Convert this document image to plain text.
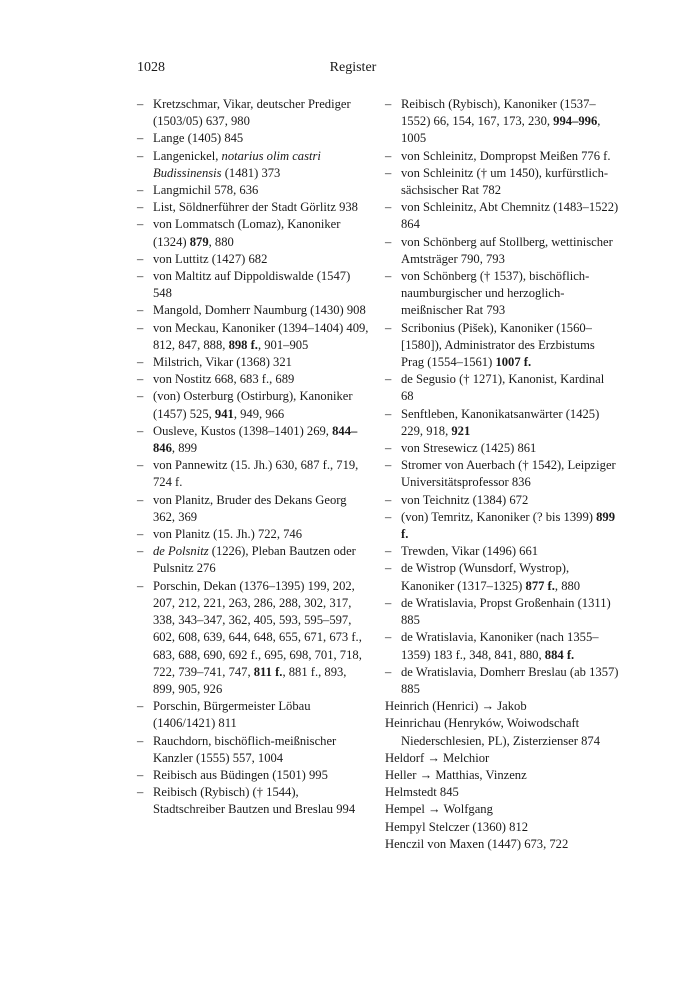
1028	Register

– Kretzschmar, Vikar, deutscher Prediger (1503/05) 637, 980

– Lange (1405) 845

– Langenickel, notarius olim castri Budissinensis (1481) 373

– Langmichil 578, 636

– List, Söldnerführer der Stadt Görlitz 938

– von Lommatsch (Lomaz), Kanoniker (1324) 879, 880

– von Luttitz (1427) 682

– von Maltitz auf Dippoldiswalde (1547) 548

– Mangold, Domherr Naumburg (1430) 908

– von Meckau, Kanoniker (1394–1404) 409, 812, 847, 888, 898 f., 901–905

– Milstrich, Vikar (1368) 321

– von Nostitz 668, 683 f., 689

– (von) Osterburg (Ostirburg), Kanoniker (1457) 525, 941, 949, 966

– Ousleve, Kustos (1398–1401) 269, 844–846, 899

– von Pannewitz (15. Jh.) 630, 687 f., 719, 724 f.

– von Planitz, Bruder des Dekans Georg 362, 369

– von Planitz (15. Jh.) 722, 746

– de Polsnitz (1226), Pleban Bautzen oder Pulsnitz 276

– Porschin, Dekan (1376–1395) 199, 202, 207, 212, 221, 263, 286, 288, 302, 317, 338, 343–347, 362, 405, 593, 595–597, 602, 608, 639, 644, 648, 655, 671, 673 f., 683, 688, 690, 692 f., 695, 698, 701, 718, 722, 739–741, 747, 811 f., 881 f., 893, 899, 905, 926

– Porschin, Bürgermeister Löbau (1406/1421) 811

– Rauchdorn, bischöflich-meißnischer Kanzler (1555) 557, 1004

– Reibisch aus Büdingen (1501) 995

– Reibisch (Rybisch) († 1544), Stadtschreiber Bautzen und Breslau 994

– Reibisch (Rybisch), Kanoniker (1537–1552) 66, 154, 167, 173, 230, 994–996, 1005

– von Schleinitz, Dompropst Meißen 776 f.

– von Schleinitz († um 1450), kurfürstlich-sächsischer Rat 782

– von Schleinitz, Abt Chemnitz (1483–1522) 864

– von Schönberg auf Stollberg, wettinischer Amtsträger 790, 793

– von Schönberg († 1537), bischöflich-naumburgischer und herzoglich-meißnischer Rat 793

– Scribonius (Pišek), Kanoniker (1560–[1580]), Administrator des Erzbistums Prag (1554–1561) 1007 f.

– de Segusio († 1271), Kanonist, Kardinal 68

– Senftleben, Kanonikatsanwärter (1425) 229, 918, 921

– von Stresewicz (1425) 861

– Stromer von Auerbach († 1542), Leipziger Universitätsprofessor 836

– von Teichnitz (1384) 672

– (von) Temritz, Kanoniker (? bis 1399) 899 f.

– Trewden, Vikar (1496) 661

– de Wistrop (Wunsdorf, Wystrop), Kanoniker (1317–1325) 877 f., 880

– de Wratislavia, Propst Großenhain (1311) 885

– de Wratislavia, Kanoniker (nach 1355–1359) 183 f., 348, 841, 880, 884 f.

– de Wratislavia, Domherr Breslau (ab 1357) 885

Heinrich (Henrici) → Jakob

Heinrichau (Henryków, Woiwodschaft Niederschlesien, PL), Zisterzienser 874

Heldorf → Melchior

Heller → Matthias, Vinzenz

Helmstedt 845

Hempel → Wolfgang

Hempyl Stelczer (1360) 812

Henczil von Maxen (1447) 673, 722
